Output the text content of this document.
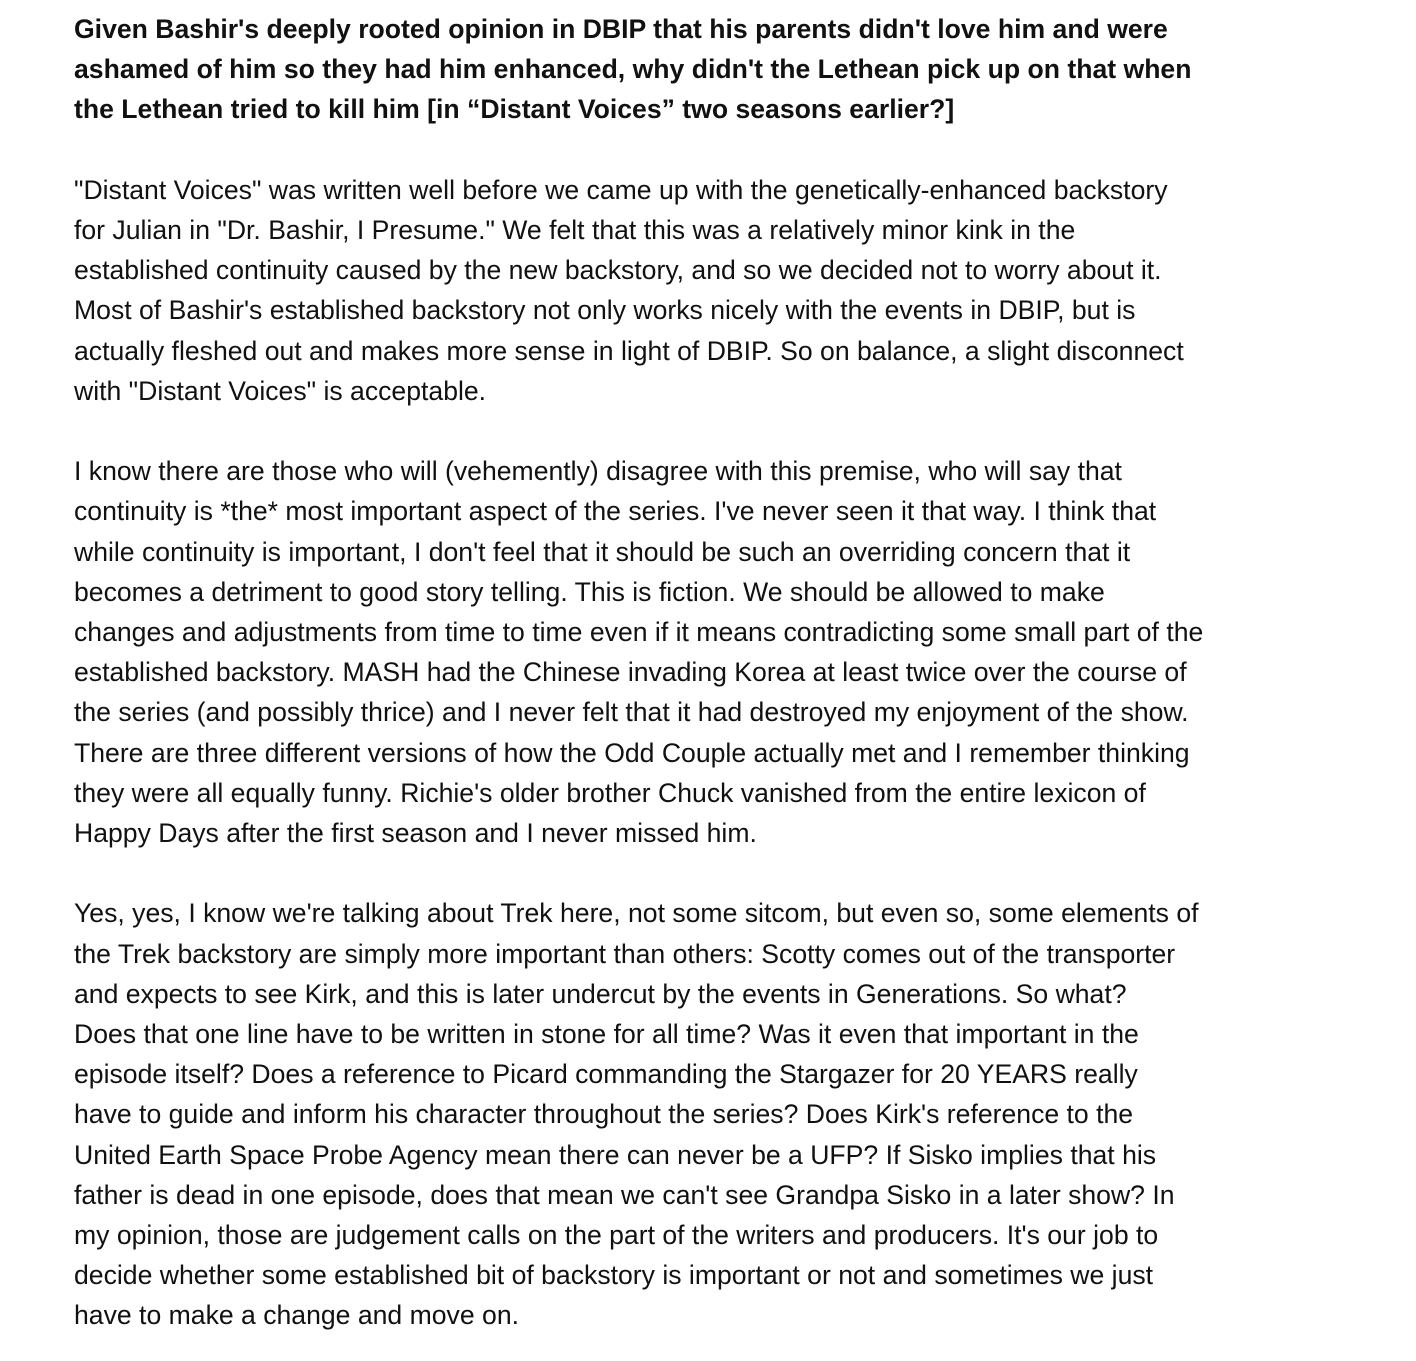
Given Bashir's deeply rooted opinion in DBIP that his parents didn't love him and were
ashamed of him so they had him enhanced, why didn't the Lethean pick up on that when
the Lethean tried to kill him [in “Distant Voices” two seasons earlier?]

"Distant Voices" was written well before we came up with the genetically-enhanced backstory
for Julian in "Dr. Bashir, I Presume." We felt that this was a relatively minor kink in the
established continuity caused by the new backstory, and so we decided not to worry about it.
Most of Bashir's established backstory not only works nicely with the events in DBIP, but is
actually fleshed out and makes more sense in light of DBIP. So on balance, a slight disconnect
with "Distant Voices" is acceptable.

I know there are those who will (vehemently) disagree with this premise, who will say that
continuity is *the* most important aspect of the series. I've never seen it that way. I think that
while continuity is important, I don't feel that it should be such an overriding concern that it
becomes a detriment to good story telling. This is fiction. We should be allowed to make
changes and adjustments from time to time even if it means contradicting some small part of the
established backstory. MASH had the Chinese invading Korea at least twice over the course of
the series (and possibly thrice) and I never felt that it had destroyed my enjoyment of the show.
There are three different versions of how the Odd Couple actually met and I remember thinking
they were all equally funny. Richie's older brother Chuck vanished from the entire lexicon of
Happy Days after the first season and I never missed him.

Yes, yes, I know we're talking about Trek here, not some sitcom, but even so, some elements of
the Trek backstory are simply more important than others: Scotty comes out of the transporter
and expects to see Kirk, and this is later undercut by the events in Generations. So what?
Does that one line have to be written in stone for all time? Was it even that important in the
episode itself? Does a reference to Picard commanding the Stargazer for 20 YEARS really
have to guide and inform his character throughout the series? Does Kirk's reference to the
United Earth Space Probe Agency mean there can never be a UFP? If Sisko implies that his
father is dead in one episode, does that mean we can't see Grandpa Sisko in a later show? In
my opinion, those are judgement calls on the part of the writers and producers. It's our job to
decide whether some established bit of backstory is important or not and sometimes we just
have to make a change and move on.
